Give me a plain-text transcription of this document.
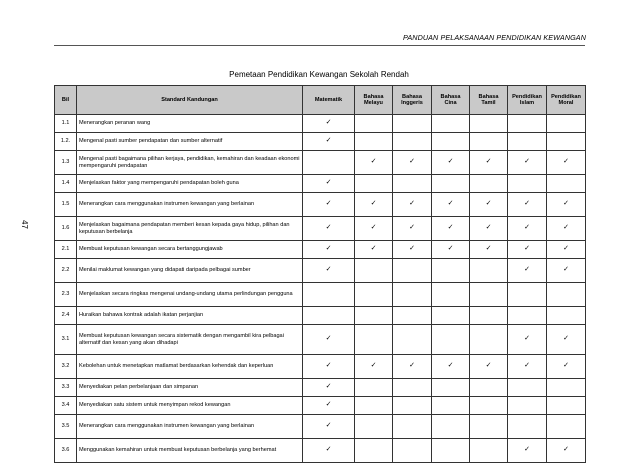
PANDUAN PELAKSANAAN PENDIDIKAN KEWANGAN
47
Pemetaan Pendidikan Kewangan Sekolah Rendah
Bil	Standard Kandungan	Matematik	Bahasa Melayu	Bahasa Inggeris	Bahasa Cina	Bahasa Tamil	Pendidikan Islam	Pendidikan Moral
1.1	Menerangkan peranan wang	✓						
1.2.	Mengenal pasti sumber pendapatan dan sumber alternatif	✓						
1.3	Mengenal pasti bagaimana pilihan kerjaya, pendidikan, kemahiran dan keadaan ekonomi mempengaruhi pendapatan		✓	✓	✓	✓	✓	✓
1.4	Menjelaskan faktor yang mempengaruhi pendapatan boleh guna	✓						
1.5	Menerangkan cara menggunakan instrumen kewangan yang berlainan	✓	✓	✓	✓	✓	✓	✓
1.6	Menjelaskan bagaimana pendapatan memberi kesan kepada gaya hidup, pilihan dan keputusan berbelanja	✓	✓	✓	✓	✓	✓	✓
2.1	Membuat keputusan kewangan secara bertanggungjawab	✓	✓	✓	✓	✓	✓	✓
2.2	Menilai maklumat kewangan yang didapati daripada pelbagai sumber	✓					✓	✓
2.3	Menjelaskan secara ringkas mengenai undang-undang utama perlindungan pengguna							
2.4	Huraikan bahawa kontrak adalah ikatan perjanjian							
3.1	Membuat keputusan kewangan secara sistematik dengan mengambil kira pelbagai alternatif dan kesan yang akan dihadapi	✓					✓	✓
3.2	Kebolehan untuk menetapkan matlamat berdasarkan kehendak dan keperluan	✓	✓	✓	✓	✓	✓	✓
3.3	Menyediakan pelan perbelanjaan dan simpanan	✓						
3.4	Menyediakan satu sistem untuk menyimpan rekod kewangan	✓						
3.5	Menerangkan cara menggunakan instrumen kewangan yang berlainan	✓						
3.6	Menggunakan kemahiran untuk membuat keputusan berbelanja yang berhemat	✓					✓	✓
